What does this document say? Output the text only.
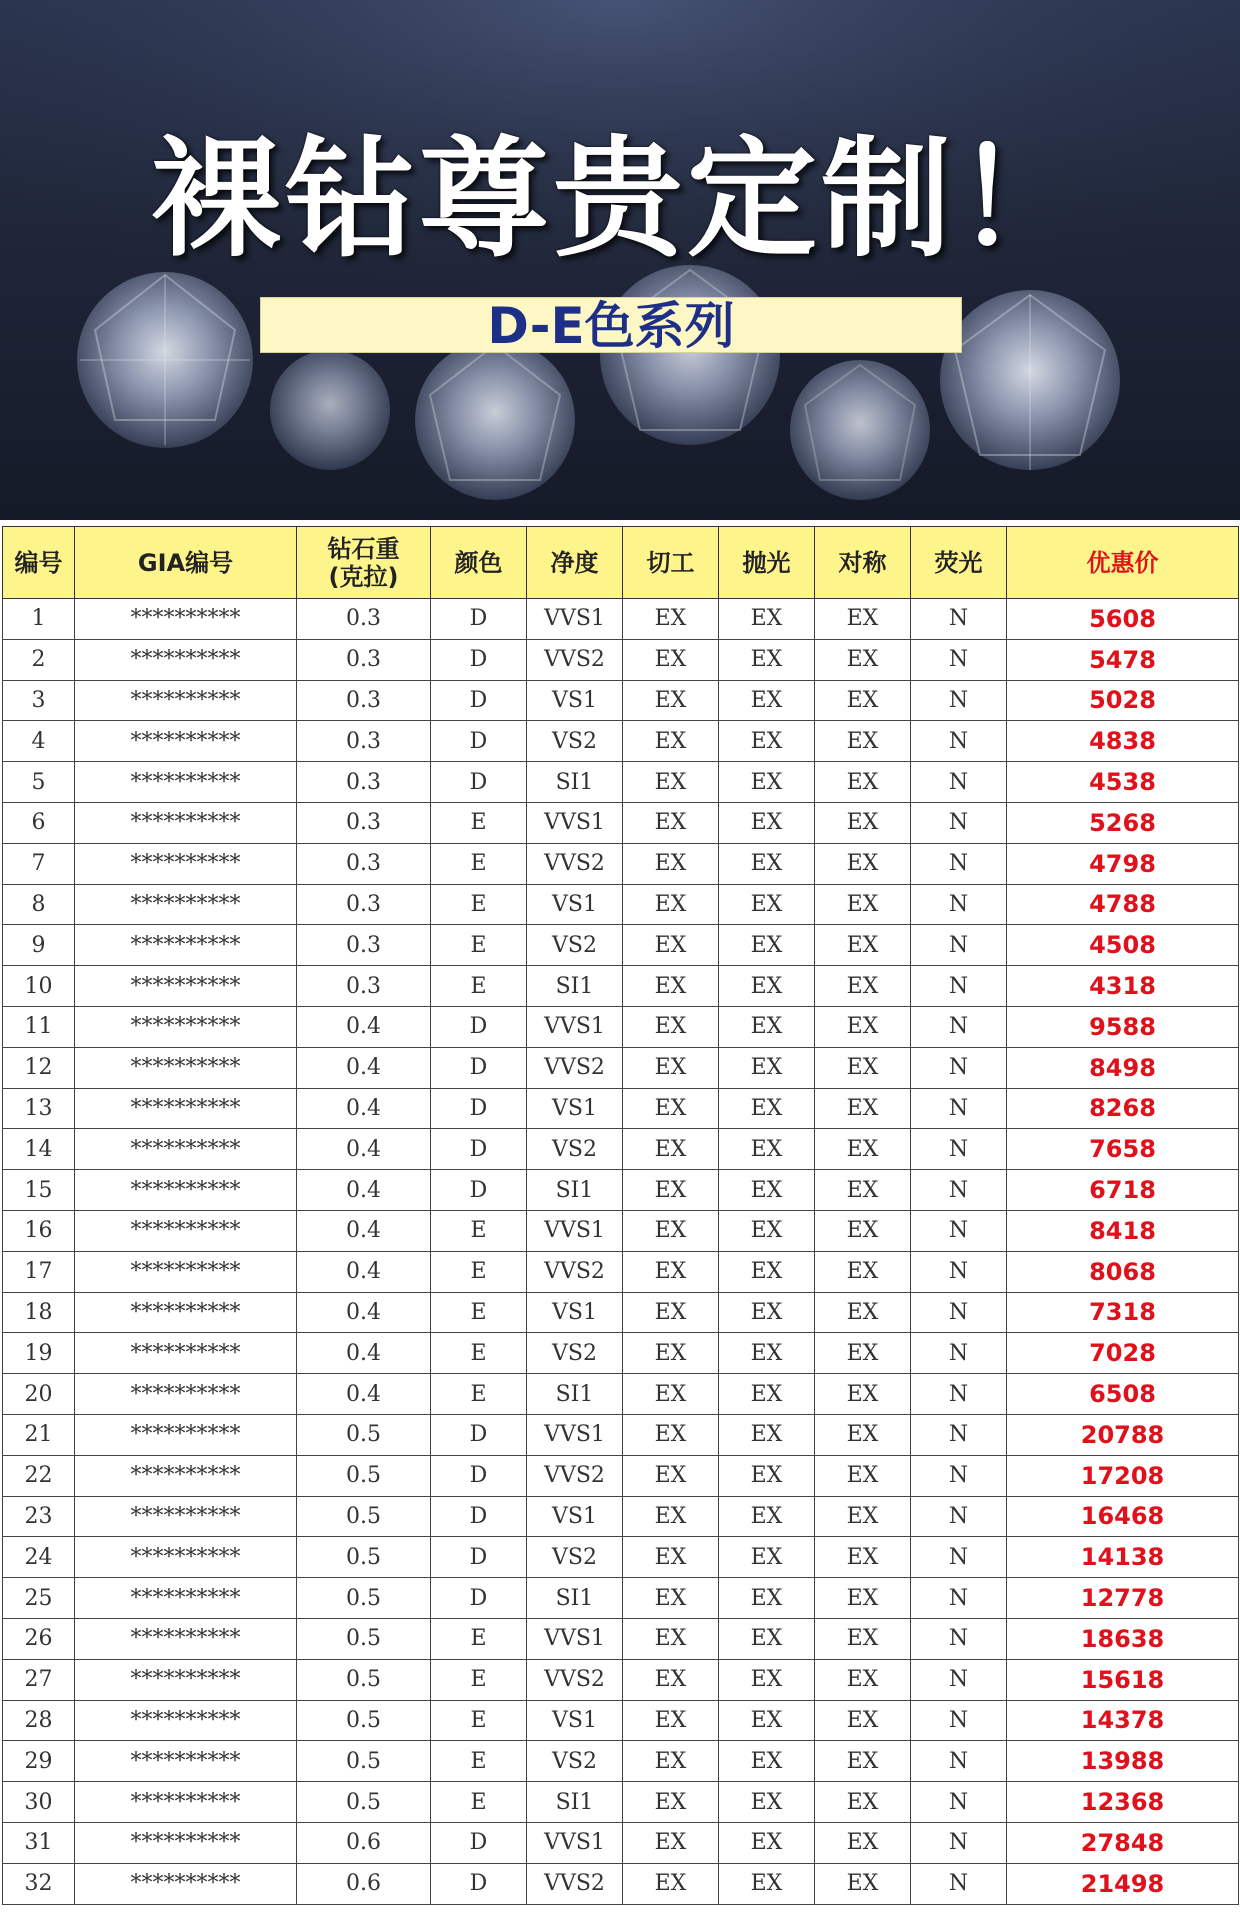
裸钻尊贵定制！
D-E色系列
编号	GIA编号	钻石重
(克拉)	颜色	净度	切工	抛光	对称	荧光	优惠价
1	**********	0.3	D	VVS1	EX	EX	EX	N	5608
2	**********	0.3	D	VVS2	EX	EX	EX	N	5478
3	**********	0.3	D	VS1	EX	EX	EX	N	5028
4	**********	0.3	D	VS2	EX	EX	EX	N	4838
5	**********	0.3	D	SI1	EX	EX	EX	N	4538
6	**********	0.3	E	VVS1	EX	EX	EX	N	5268
7	**********	0.3	E	VVS2	EX	EX	EX	N	4798
8	**********	0.3	E	VS1	EX	EX	EX	N	4788
9	**********	0.3	E	VS2	EX	EX	EX	N	4508
10	**********	0.3	E	SI1	EX	EX	EX	N	4318
11	**********	0.4	D	VVS1	EX	EX	EX	N	9588
12	**********	0.4	D	VVS2	EX	EX	EX	N	8498
13	**********	0.4	D	VS1	EX	EX	EX	N	8268
14	**********	0.4	D	VS2	EX	EX	EX	N	7658
15	**********	0.4	D	SI1	EX	EX	EX	N	6718
16	**********	0.4	E	VVS1	EX	EX	EX	N	8418
17	**********	0.4	E	VVS2	EX	EX	EX	N	8068
18	**********	0.4	E	VS1	EX	EX	EX	N	7318
19	**********	0.4	E	VS2	EX	EX	EX	N	7028
20	**********	0.4	E	SI1	EX	EX	EX	N	6508
21	**********	0.5	D	VVS1	EX	EX	EX	N	20788
22	**********	0.5	D	VVS2	EX	EX	EX	N	17208
23	**********	0.5	D	VS1	EX	EX	EX	N	16468
24	**********	0.5	D	VS2	EX	EX	EX	N	14138
25	**********	0.5	D	SI1	EX	EX	EX	N	12778
26	**********	0.5	E	VVS1	EX	EX	EX	N	18638
27	**********	0.5	E	VVS2	EX	EX	EX	N	15618
28	**********	0.5	E	VS1	EX	EX	EX	N	14378
29	**********	0.5	E	VS2	EX	EX	EX	N	13988
30	**********	0.5	E	SI1	EX	EX	EX	N	12368
31	**********	0.6	D	VVS1	EX	EX	EX	N	27848
32	**********	0.6	D	VVS2	EX	EX	EX	N	21498
